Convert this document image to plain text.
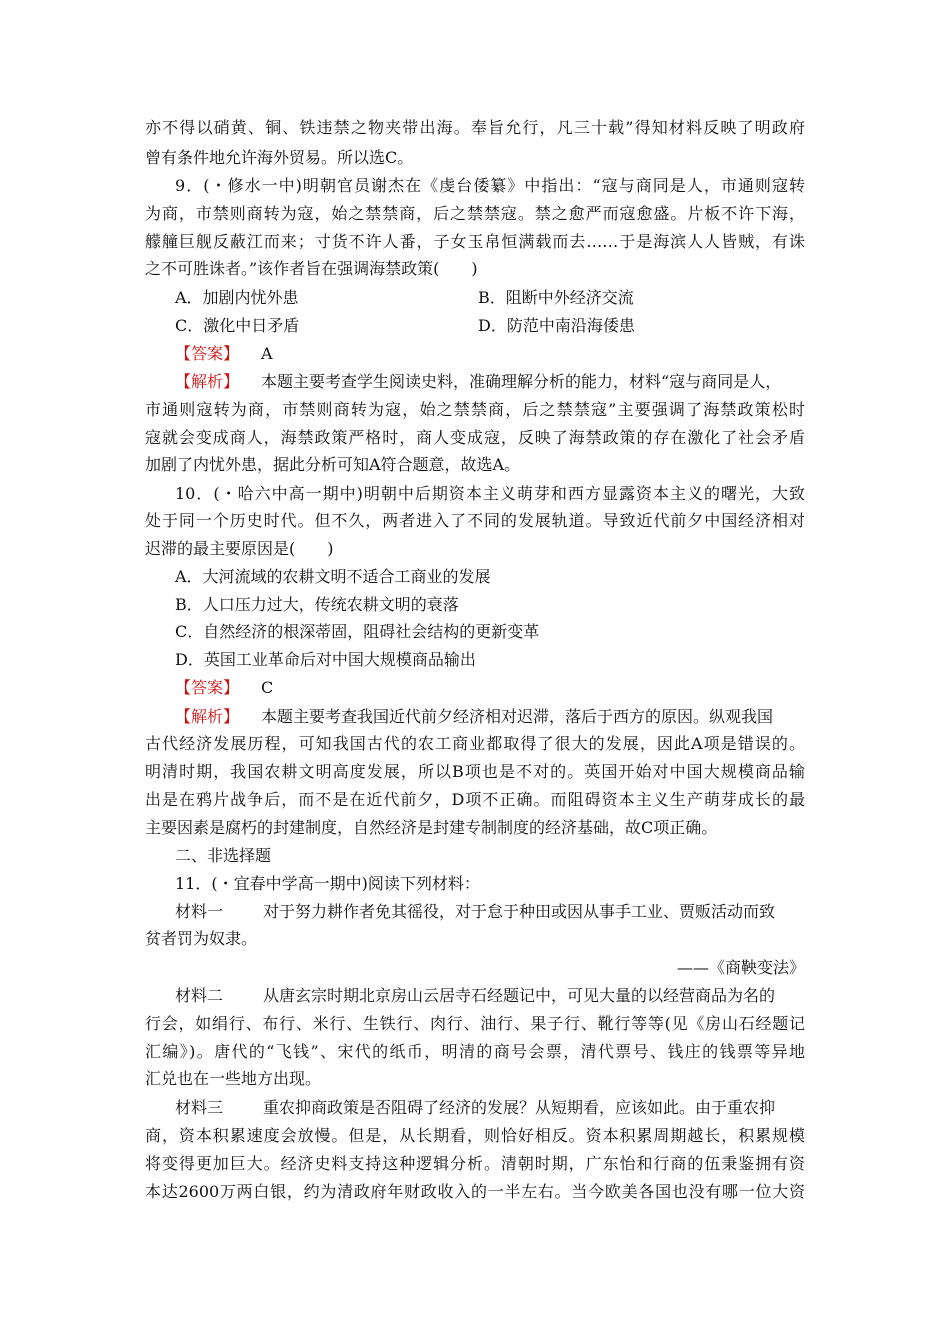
亦不得以硝黄、铜、铁违禁之物夹带出海。奉旨允行，凡三十载”得知材料反映了明政府
曾有条件地允许海外贸易。所以选C。
9．(・修水一中)明朝官员谢杰在《虔台倭纂》中指出：“寇与商同是人，市通则寇转
为商，市禁则商转为寇，始之禁禁商，后之禁禁寇。禁之愈严而寇愈盛。片板不许下海，
艨艟巨舰反蔽江而来；寸货不许人番，子女玉帛恒满载而去……于是海滨人人皆贼，有诛
之不可胜诛者。”该作者旨在强调海禁政策(　　)
A．加剧内忧外患	B．阻断中外经济交流
C．激化中日矛盾	D．防范中南沿海倭患
【答案】 A
【解析】 本题主要考查学生阅读史料，准确理解分析的能力，材料“寇与商同是人，
市通则寇转为商，市禁则商转为寇，始之禁禁商，后之禁禁寇”主要强调了海禁政策松时
寇就会变成商人，海禁政策严格时，商人变成寇，反映了海禁政策的存在激化了社会矛盾
加剧了内忧外患，据此分析可知A符合题意，故选A。
10．(・哈六中高一期中)明朝中后期资本主义萌芽和西方显露资本主义的曙光，大致
处于同一个历史时代。但不久，两者进入了不同的发展轨道。导致近代前夕中国经济相对
迟滞的最主要原因是(　　)
A．大河流域的农耕文明不适合工商业的发展
B．人口压力过大，传统农耕文明的衰落
C．自然经济的根深蒂固，阻碍社会结构的更新变革
D．英国工业革命后对中国大规模商品输出
【答案】 C
【解析】 本题主要考查我国近代前夕经济相对迟滞，落后于西方的原因。纵观我国
古代经济发展历程，可知我国古代的农工商业都取得了很大的发展，因此A项是错误的。
明清时期，我国农耕文明高度发展，所以B项也是不对的。英国开始对中国大规模商品输
出是在鸦片战争后，而不是在近代前夕，D项不正确。而阻碍资本主义生产萌芽成长的最
主要因素是腐朽的封建制度，自然经济是封建专制制度的经济基础，故C项正确。
二、非选择题
11．(・宜春中学高一期中)阅读下列材料：
材料一 对于努力耕作者免其徭役，对于怠于种田或因从事手工业、贾贩活动而致
贫者罚为奴隶。
——《商鞅变法》
材料二 从唐玄宗时期北京房山云居寺石经题记中，可见大量的以经营商品为名的
行会，如绢行、布行、米行、生铁行、肉行、油行、果子行、靴行等等(见《房山石经题记
汇编》)。唐代的“飞钱”、宋代的纸币，明清的商号会票，清代票号、钱庄的钱票等异地
汇兑也在一些地方出现。
材料三 重农抑商政策是否阻碍了经济的发展？从短期看，应该如此。由于重农抑
商，资本积累速度会放慢。但是，从长期看，则恰好相反。资本积累周期越长，积累规模
将变得更加巨大。经济史料支持这种逻辑分析。清朝时期，广东怡和行商的伍秉鉴拥有资
本达2600万两白银，约为清政府年财政收入的一半左右。当今欧美各国也没有哪一位大资
